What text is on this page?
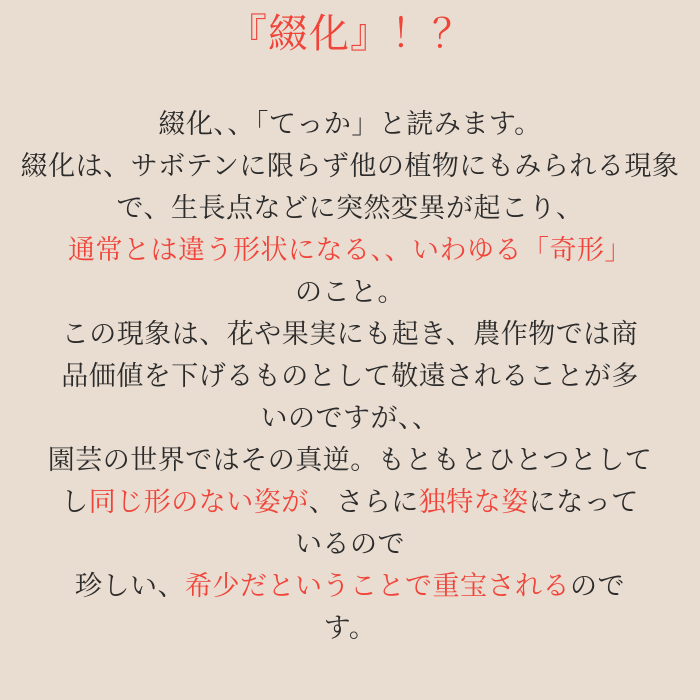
『綴化』！？
綴化、、「てっか」と読みます。
綴化は、サボテンに限らず他の植物にもみられる現象
で、生長点などに突然変異が起こり、
通常とは違う形状になる、、いわゆる「奇形」
のこと。
この現象は、花や果実にも起き、農作物では商
品価値を下げるものとして敬遠されることが多
いのですが、、
園芸の世界ではその真逆。もともとひとつとして
し同じ形のない姿が、さらに独特な姿になって
いるので
珍しい、希少だということで重宝されるので
す。
